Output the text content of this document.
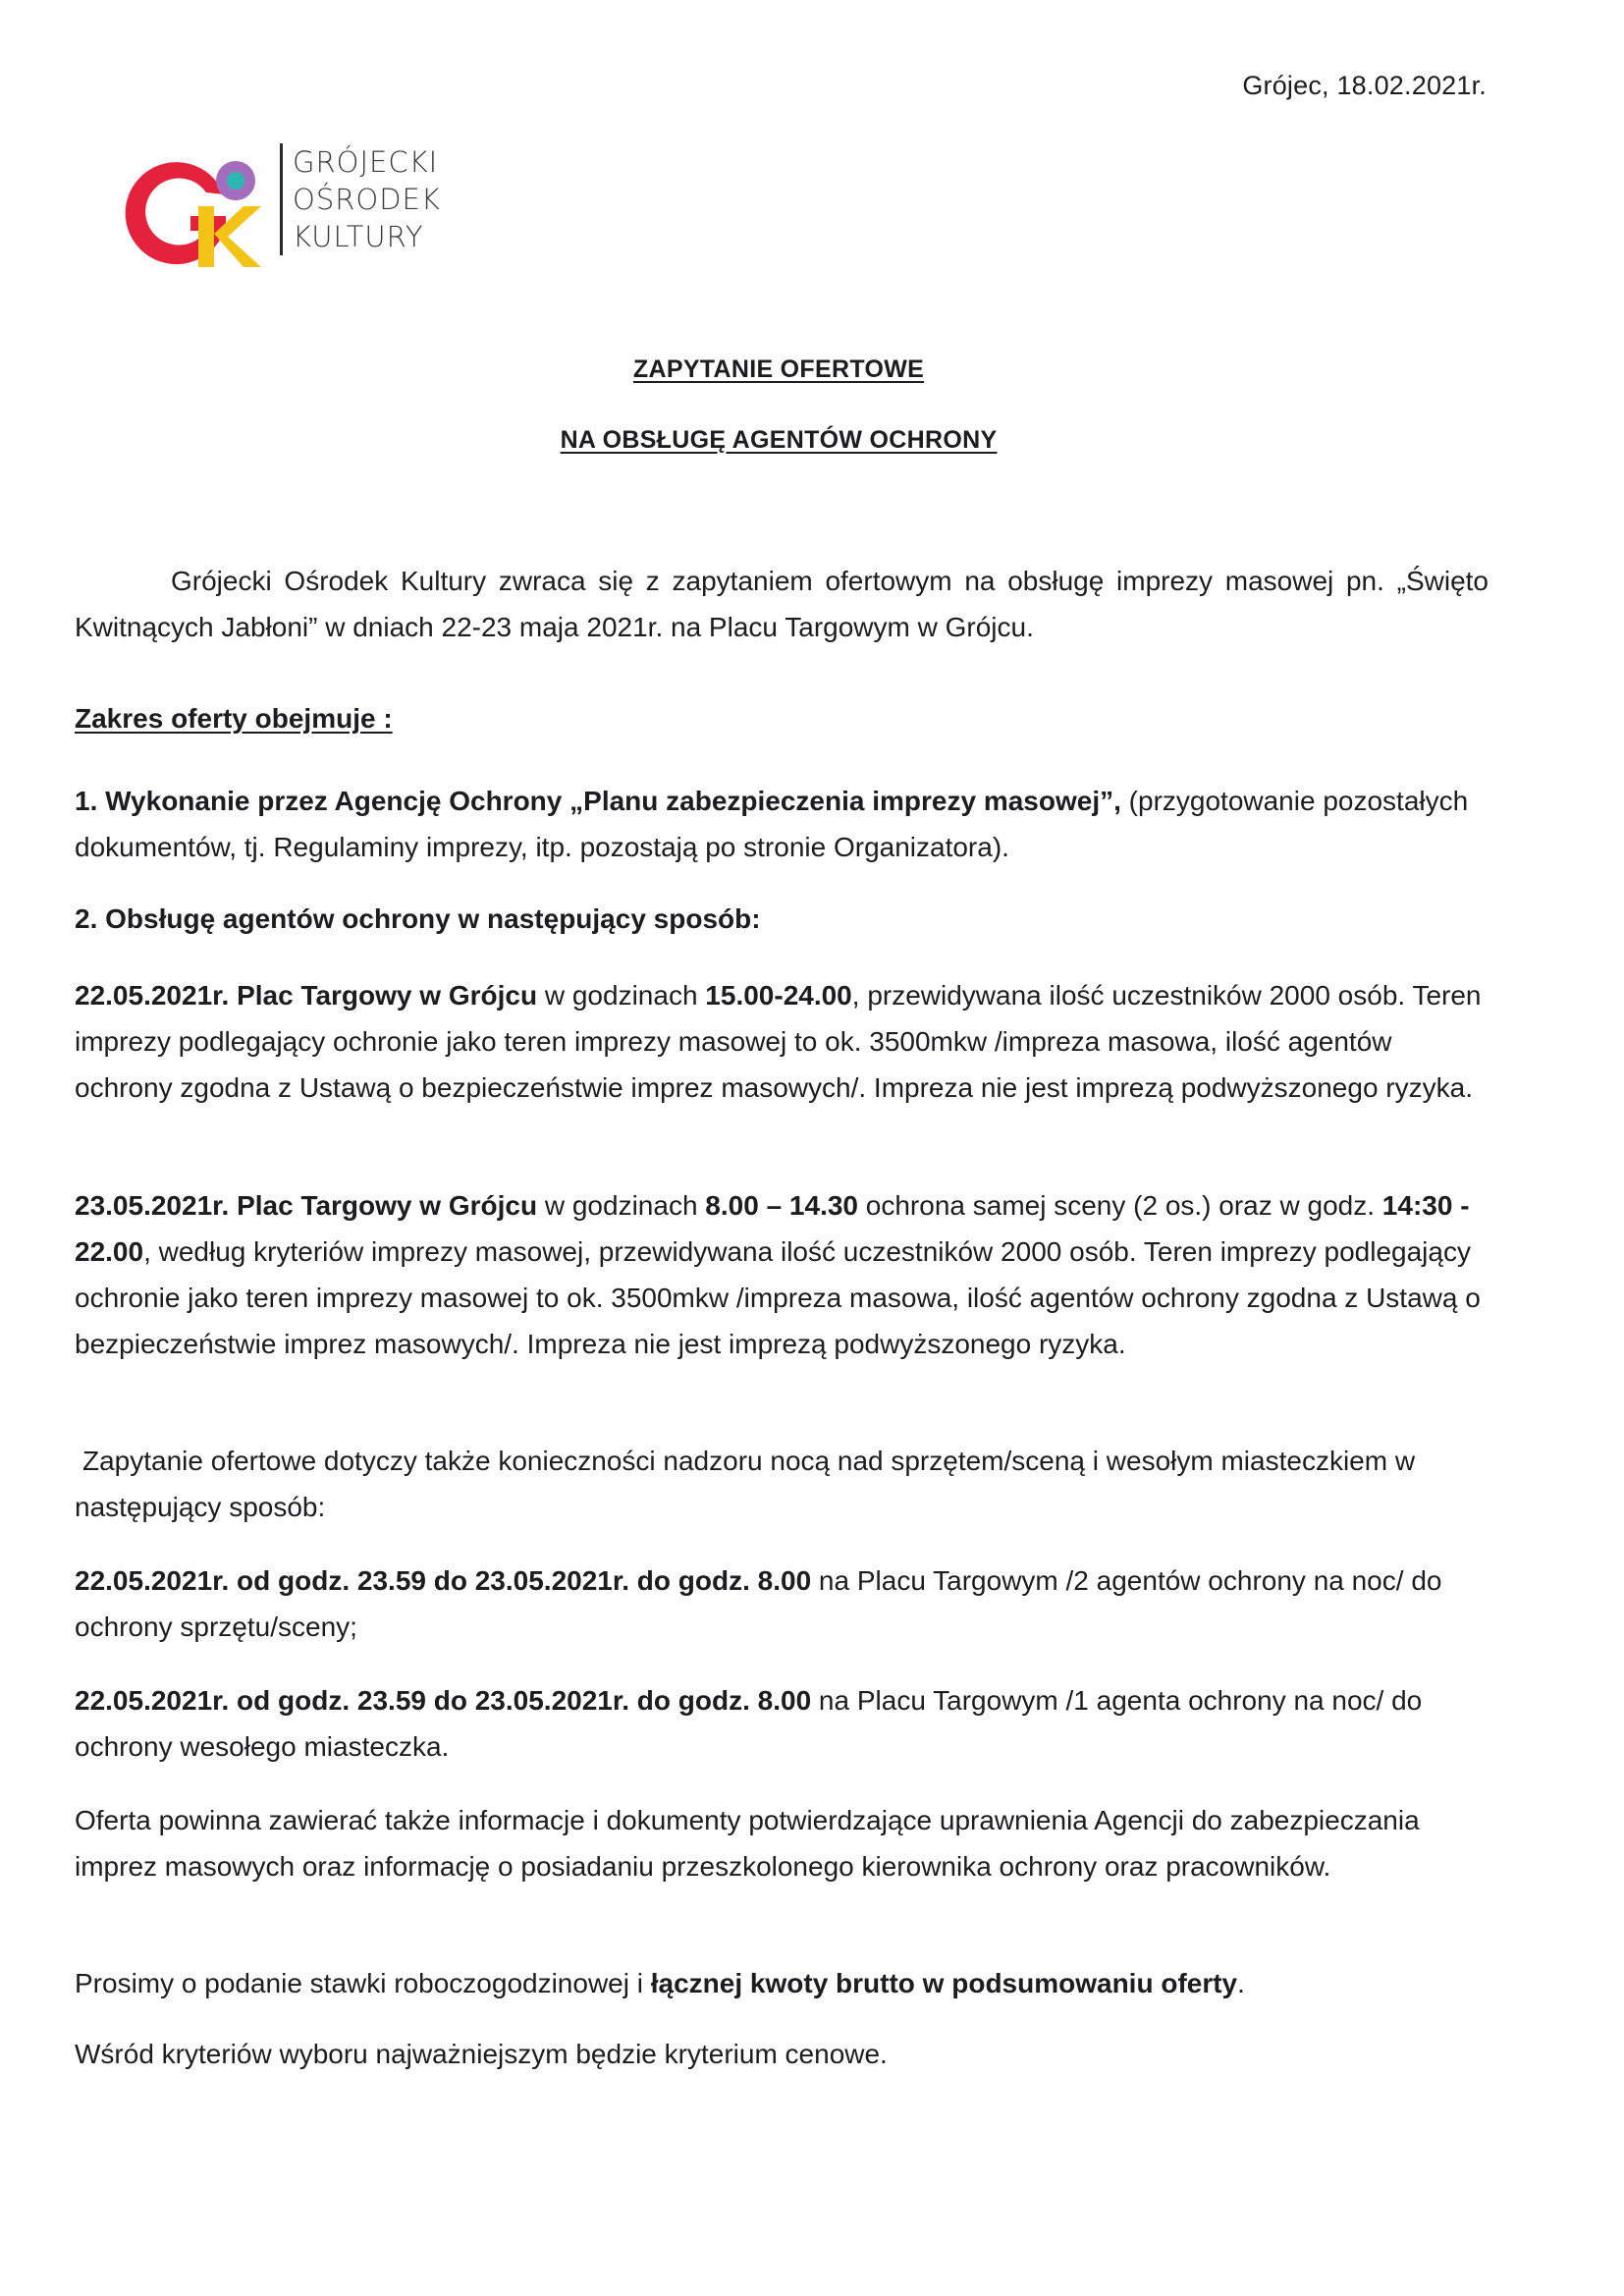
Grójec, 18.02.2021r.
GRÓJECKI
OŚRODEK
KULTURY
ZAPYTANIE OFERTOWE
NA OBSŁUGĘ AGENTÓW OCHRONY

Grójecki Ośrodek Kultury zwraca się z zapytaniem ofertowym na obsługę imprezy masowej pn. „Święto Kwitnących Jabłoni” w dniach 22-23 maja 2021r. na Placu Targowym w Grójcu.

Zakres oferty obejmuje :

1. Wykonanie przez Agencję Ochrony „Planu zabezpieczenia imprezy masowej”, (przygotowanie pozostałych dokumentów, tj. Regulaminy imprezy, itp. pozostają po stronie Organizatora).

2. Obsługę agentów ochrony w następujący sposób:

22.05.2021r. Plac Targowy w Grójcu w godzinach 15.00-24.00, przewidywana ilość uczestników 2000 osób. Teren imprezy podlegający ochronie jako teren imprezy masowej to ok. 3500mkw /impreza masowa, ilość agentów ochrony zgodna z Ustawą o bezpieczeństwie imprez masowych/. Impreza nie jest imprezą podwyższonego ryzyka.

23.05.2021r. Plac Targowy w Grójcu w godzinach 8.00 – 14.30 ochrona samej sceny (2 os.) oraz w godz. 14:30 - 22.00, według kryteriów imprezy masowej, przewidywana ilość uczestników 2000 osób. Teren imprezy podlegający ochronie jako teren imprezy masowej to ok. 3500mkw /impreza masowa, ilość agentów ochrony zgodna z Ustawą o bezpieczeństwie imprez masowych/. Impreza nie jest imprezą podwyższonego ryzyka.

Zapytanie ofertowe dotyczy także konieczności nadzoru nocą nad sprzętem/sceną i wesołym miasteczkiem w następujący sposób:

22.05.2021r. od godz. 23.59 do 23.05.2021r. do godz. 8.00 na Placu Targowym /2 agentów ochrony na noc/ do ochrony sprzętu/sceny;

22.05.2021r. od godz. 23.59 do 23.05.2021r. do godz. 8.00 na Placu Targowym /1 agenta ochrony na noc/ do ochrony wesołego miasteczka.

Oferta powinna zawierać także informacje i dokumenty potwierdzające uprawnienia Agencji do zabezpieczania imprez masowych oraz informację o posiadaniu przeszkolonego kierownika ochrony oraz pracowników.

Prosimy o podanie stawki roboczogodzinowej i łącznej kwoty brutto w podsumowaniu oferty.

Wśród kryteriów wyboru najważniejszym będzie kryterium cenowe.
